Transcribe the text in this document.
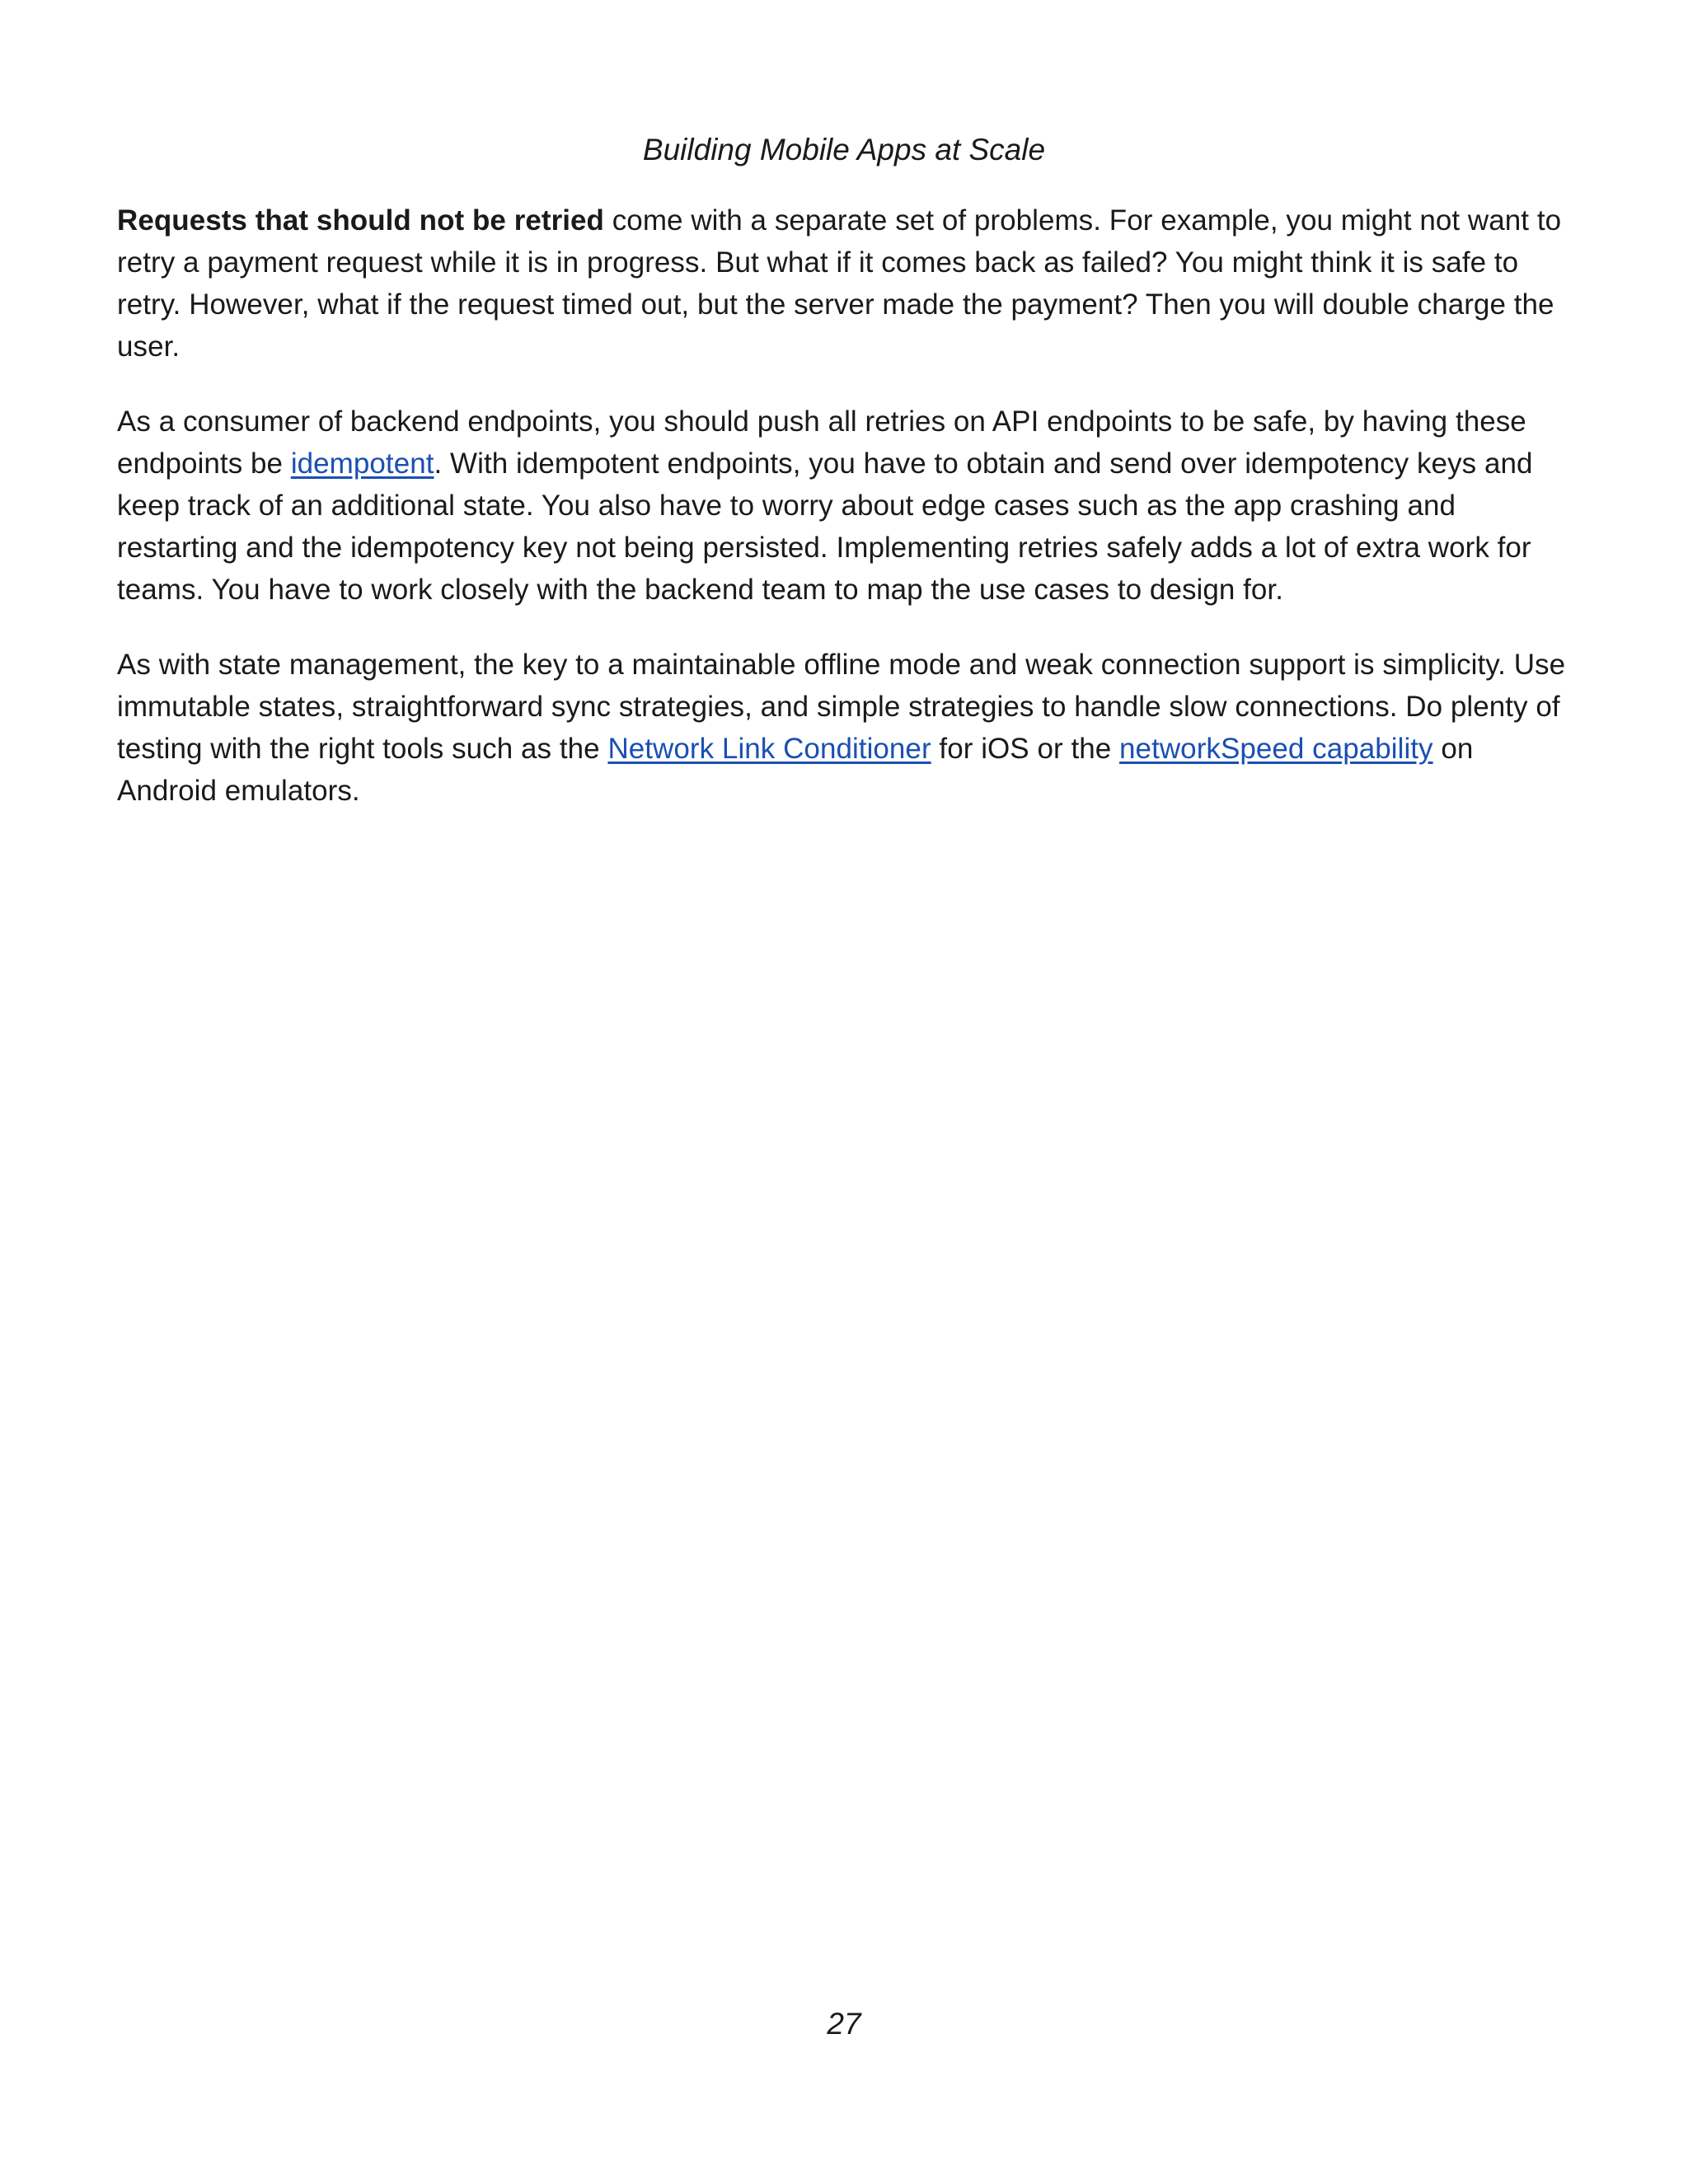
Building Mobile Apps at Scale

Requests that should not be retried come with a separate set of problems. For example, you might not want to retry a payment request while it is in progress. But what if it comes back as failed? You might think it is safe to retry. However, what if the request timed out, but the server made the payment? Then you will double charge the user.

As a consumer of backend endpoints, you should push all retries on API endpoints to be safe, by having these endpoints be idempotent. With idempotent endpoints, you have to obtain and send over idempotency keys and keep track of an additional state. You also have to worry about edge cases such as the app crashing and restarting and the idempotency key not being persisted. Implementing retries safely adds a lot of extra work for teams. You have to work closely with the backend team to map the use cases to design for.

As with state management, the key to a maintainable offline mode and weak connection support is simplicity. Use immutable states, straightforward sync strategies, and simple strategies to handle slow connections. Do plenty of testing with the right tools such as the Network Link Conditioner for iOS or the networkSpeed capability on Android emulators.

27
